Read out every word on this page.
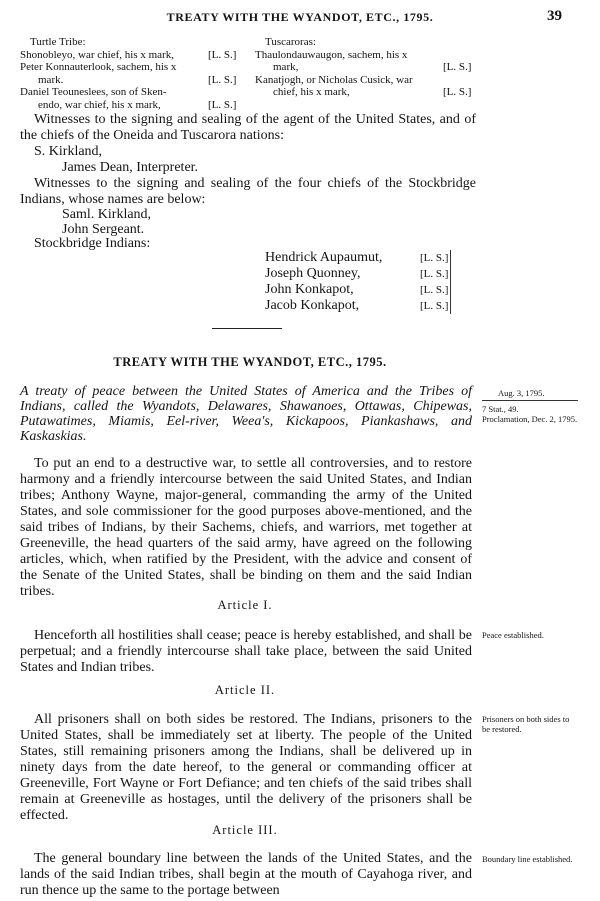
TREATY WITH THE WYANDOT, ETC., 1795.	39
Turtle Tribe:
Shonobleyo, war chief, his x mark,	[L. S.]
Peter Konnauterlook, sachem, his x
mark.	[L. S.]
Daniel Teouneslees, son of Sken-
endo, war chief, his x mark,	[L. S.]
Tuscaroras:
Thaulondauwaugon, sachem, his x
mark,	[L. S.]
Kanatjogh, or Nicholas Cusick, war
chief, his x mark,	[L. S.]
Witnesses to the signing and sealing of the agent of the United States, and of the chiefs of the Oneida and Tuscarora nations:
S. Kirkland,
James Dean, Interpreter.
Witnesses to the signing and sealing of the four chiefs of the Stockbridge Indians, whose names are below:
Saml. Kirkland,
John Sergeant.
Stockbridge Indians:
Hendrick Aupaumut,	[L. S.]
Joseph Quonney,	[L. S.]
John Konkapot,	[L. S.]
Jacob Konkapot,	[L. S.]
TREATY WITH THE WYANDOT, ETC., 1795.
A treaty of peace between the United States of America and the Tribes of Indians, called the Wyandots, Delawares, Shawanoes, Ottawas, Chipewas, Putawatimes, Miamis, Eel-river, Weea's, Kickapoos, Piankashaws, and Kaskaskias.
To put an end to a destructive war, to settle all controversies, and to restore harmony and a friendly intercourse between the said United States, and Indian tribes; Anthony Wayne, major-general, commanding the army of the United States, and sole commissioner for the good purposes above-mentioned, and the said tribes of Indians, by their Sachems, chiefs, and warriors, met together at Greeneville, the head quarters of the said army, have agreed on the following articles, which, when ratified by the President, with the advice and consent of the Senate of the United States, shall be binding on them and the said Indian tribes.
Article I.
Henceforth all hostilities shall cease; peace is hereby established, and shall be perpetual; and a friendly intercourse shall take place, between the said United States and Indian tribes.
Article II.
All prisoners shall on both sides be restored. The Indians, prisoners to the United States, shall be immediately set at liberty. The people of the United States, still remaining prisoners among the Indians, shall be delivered up in ninety days from the date hereof, to the general or commanding officer at Greeneville, Fort Wayne or Fort Defiance; and ten chiefs of the said tribes shall remain at Greeneville as hostages, until the delivery of the prisoners shall be effected.
Article III.
The general boundary line between the lands of the United States, and the lands of the said Indian tribes, shall begin at the mouth of Cayahoga river, and run thence up the same to the portage between
Aug. 3, 1795.
7 Stat., 49.
Proclamation, Dec. 2, 1795.
Peace established.
Prisoners on both sides to be restored.
Boundary line established.
